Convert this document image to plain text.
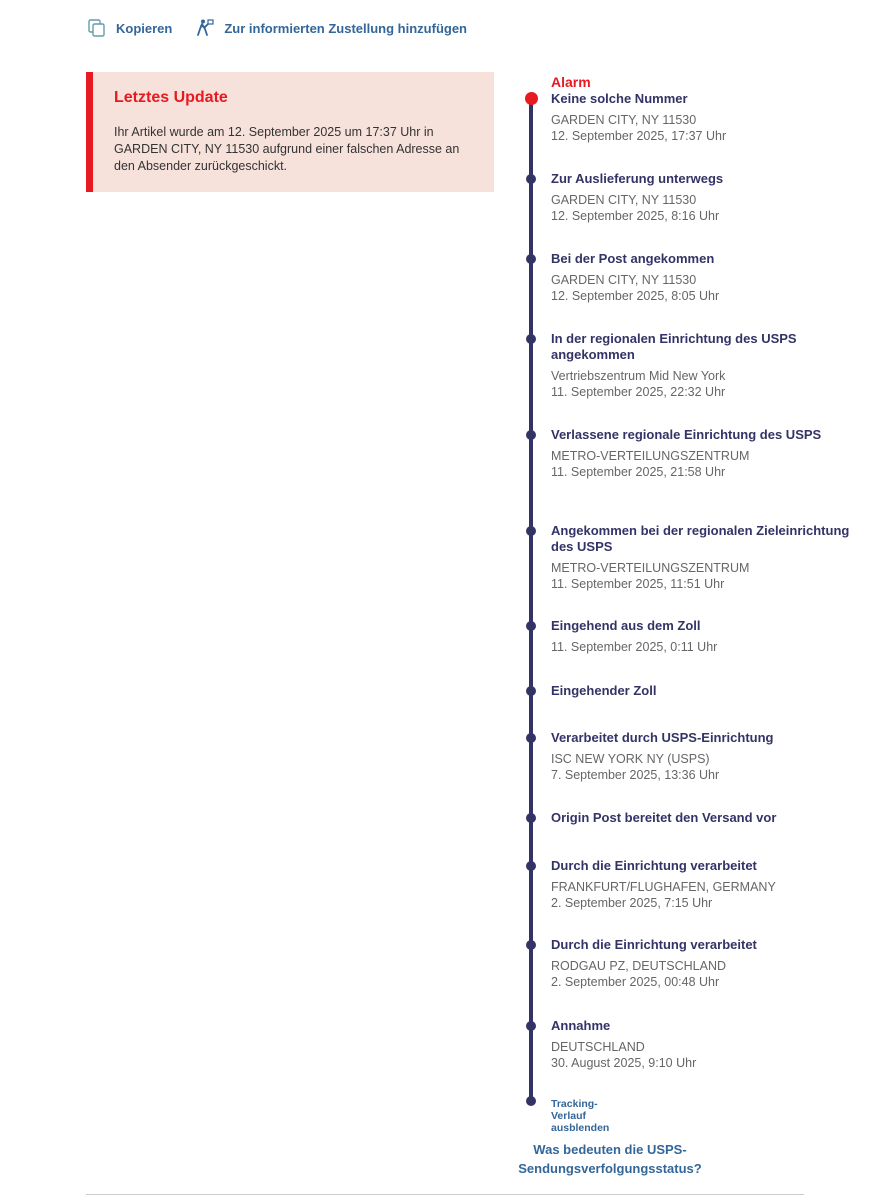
Kopieren	Zur informierten Zustellung hinzufügen
Letztes Update
Ihr Artikel wurde am 12. September 2025 um 17:37 Uhr in GARDEN CITY, NY 11530 aufgrund einer falschen Adresse an den Absender zurückgeschickt.
Alarm
Tracking-Verlauf ausblenden
Keine solche Nummer
GARDEN CITY, NY 11530
12. September 2025, 17:37 Uhr
Zur Auslieferung unterwegs
GARDEN CITY, NY 11530
12. September 2025, 8:16 Uhr
Bei der Post angekommen
GARDEN CITY, NY 11530
12. September 2025, 8:05 Uhr
In der regionalen Einrichtung des USPS angekommen
Vertriebszentrum Mid New York
11. September 2025, 22:32 Uhr
Verlassene regionale Einrichtung des USPS
METRO-VERTEILUNGSZENTRUM
11. September 2025, 21:58 Uhr
Angekommen bei der regionalen Zieleinrichtung des USPS
METRO-VERTEILUNGSZENTRUM
11. September 2025, 11:51 Uhr
Eingehend aus dem Zoll
11. September 2025, 0:11 Uhr
Eingehender Zoll
Verarbeitet durch USPS-Einrichtung
ISC NEW YORK NY (USPS)
7. September 2025, 13:36 Uhr
Origin Post bereitet den Versand vor
Durch die Einrichtung verarbeitet
FRANKFURT/FLUGHAFEN, GERMANY
2. September 2025, 7:15 Uhr
Durch die Einrichtung verarbeitet
RODGAU PZ, DEUTSCHLAND
2. September 2025, 00:48 Uhr
Annahme
DEUTSCHLAND
30. August 2025, 9:10 Uhr
Was bedeuten die USPS-Sendungsverfolgungsstatus?
